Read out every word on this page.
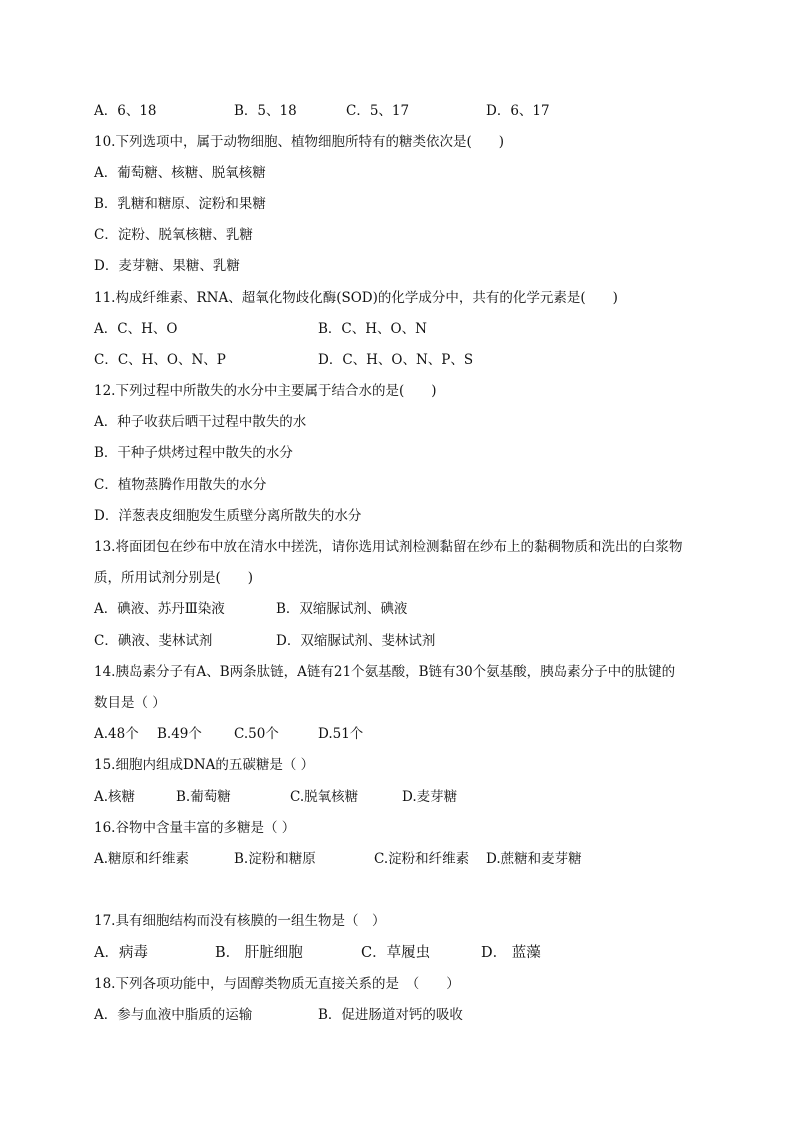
A．6、18	B．5、18	C．5、17	D．6、17
10.下列选项中，属于动物细胞、植物细胞所特有的糖类依次是(　　)
A．葡萄糖、核糖、脱氧核糖
B．乳糖和糖原、淀粉和果糖
C．淀粉、脱氧核糖、乳糖
D．麦芽糖、果糖、乳糖
11.构成纤维素、RNA、超氧化物歧化酶(SOD)的化学成分中，共有的化学元素是(　　)
A．C、H、O	B．C、H、O、N
C．C、H、O、N、P	D．C、H、O、N、P、S
12.下列过程中所散失的水分中主要属于结合水的是(　　)
A．种子收获后晒干过程中散失的水
B．干种子烘烤过程中散失的水分
C．植物蒸腾作用散失的水分
D．洋葱表皮细胞发生质壁分离所散失的水分
13.将面团包在纱布中放在清水中搓洗，请你选用试剂检测黏留在纱布上的黏稠物质和洗出的白浆物
质，所用试剂分别是(　　)
A．碘液、苏丹Ⅲ染液	B．双缩脲试剂、碘液
C．碘液、斐林试剂	D．双缩脲试剂、斐林试剂
14.胰岛素分子有A、B两条肽链，A链有21个氨基酸，B链有30个氨基酸，胰岛素分子中的肽键的
数目是（ ）
A.48个 B.49个 C.50个	D.51个
15.细胞内组成DNA的五碳糖是（ ）
A.核糖	B.葡萄糖	C.脱氧核糖	D.麦芽糖
16.谷物中含量丰富的多糖是（ ）
A.糖原和纤维素	B.淀粉和糖原	C.淀粉和纤维素 D.蔗糖和麦芽糖
17.具有细胞结构而没有核膜的一组生物是（　）
A．病毒	B． 肝脏细胞	C．草履虫	D． 蓝藻
18.下列各项功能中，与固醇类物质无直接关系的是　（　　）
A．参与血液中脂质的运输	B．促进肠道对钙的吸收
